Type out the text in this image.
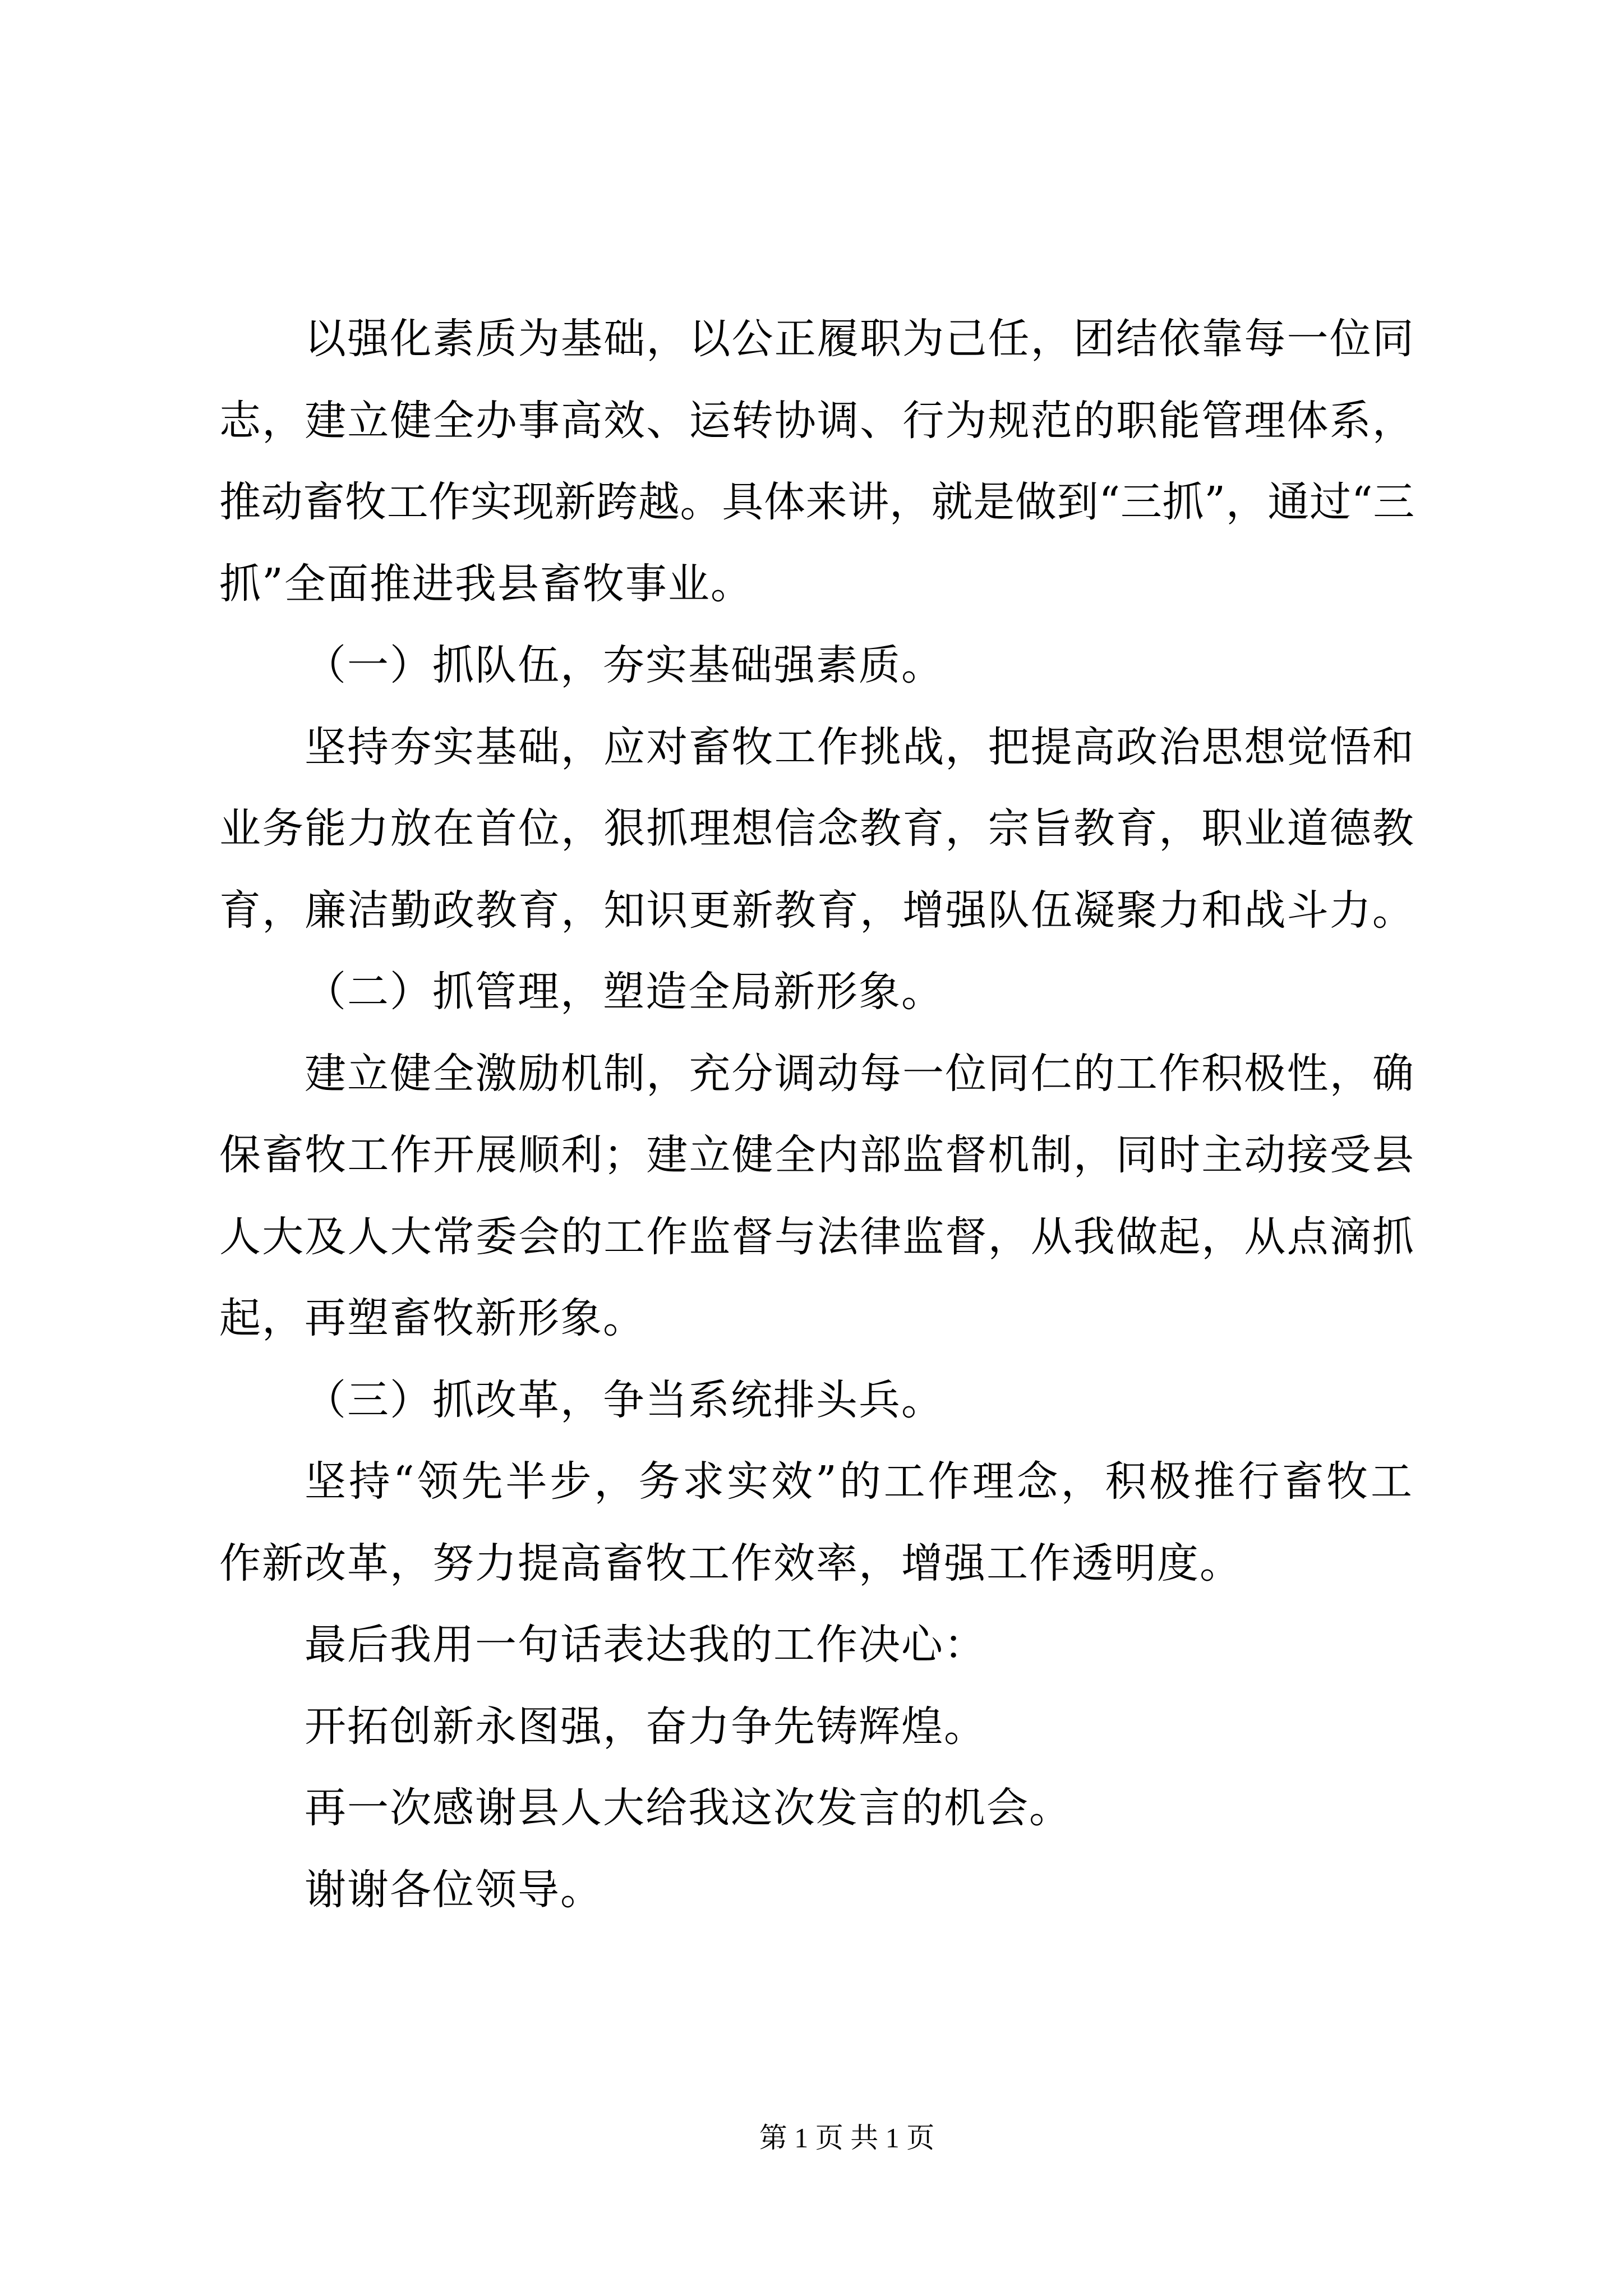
以强化素质为基础，以公正履职为己任，团结依靠每一位同
志，建立健全办事高效、运转协调、行为规范的职能管理体系，
推动畜牧工作实现新跨越。具体来讲，就是做到“三抓”，通过“三
抓”全面推进我县畜牧事业。
（一）抓队伍，夯实基础强素质。
坚持夯实基础，应对畜牧工作挑战，把提高政治思想觉悟和
业务能力放在首位，狠抓理想信念教育，宗旨教育，职业道德教
育，廉洁勤政教育，知识更新教育，增强队伍凝聚力和战斗力。
（二）抓管理，塑造全局新形象。
建立健全激励机制，充分调动每一位同仁的工作积极性，确
保畜牧工作开展顺利；建立健全内部监督机制，同时主动接受县
人大及人大常委会的工作监督与法律监督，从我做起，从点滴抓
起，再塑畜牧新形象。
（三）抓改革，争当系统排头兵。
坚持“领先半步，务求实效”的工作理念，积极推行畜牧工
作新改革，努力提高畜牧工作效率，增强工作透明度。
最后我用一句话表达我的工作决心：
开拓创新永图强，奋力争先铸辉煌。
再一次感谢县人大给我这次发言的机会。
谢谢各位领导。
第 1 页 共 1 页
